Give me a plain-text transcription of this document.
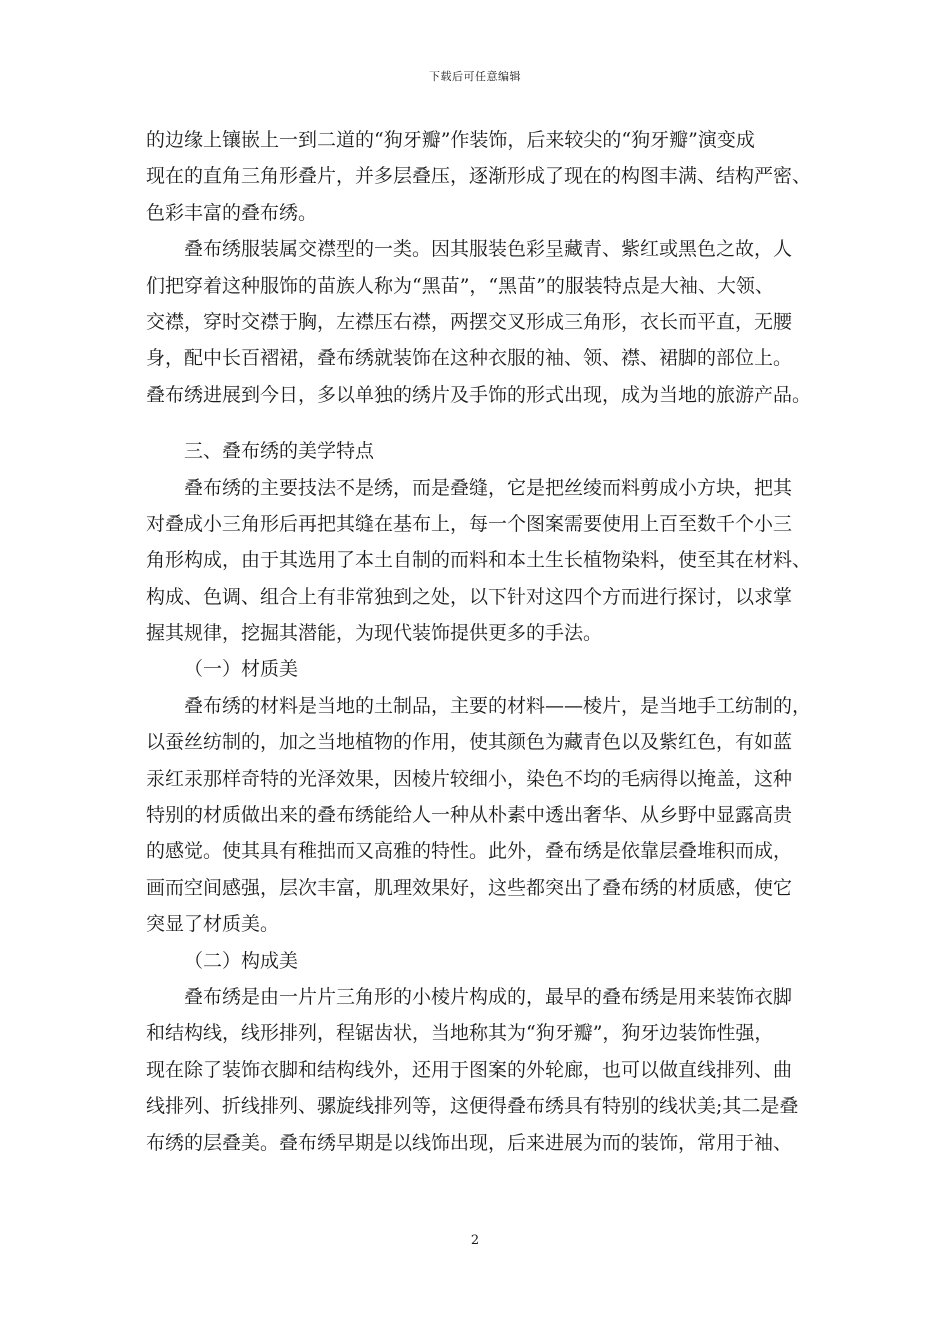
下载后可任意编辑
的边缘上镶嵌上一到二道的“狗牙瓣”作装饰，后来较尖的“狗牙瓣”演变成
现在的直角三角形叠片，并多层叠压，逐渐形成了现在的构图丰满、结构严密、
色彩丰富的叠布绣。
叠布绣服装属交襟型的一类。因其服装色彩呈藏青、紫红或黑色之故，人
们把穿着这种服饰的苗族人称为“黑苗”，“黑苗”的服装特点是大袖、大领、
交襟，穿时交襟于胸，左襟压右襟，两摆交叉形成三角形，衣长而平直，无腰
身，配中长百褶裙，叠布绣就装饰在这种衣服的袖、领、襟、裙脚的部位上。
叠布绣进展到今日，多以单独的绣片及手饰的形式出现，成为当地的旅游产品。
三、叠布绣的美学特点
叠布绣的主要技法不是绣，而是叠缝，它是把丝绫而料剪成小方块，把其
对叠成小三角形后再把其缝在基布上，每一个图案需要使用上百至数千个小三
角形构成，由于其选用了本土自制的而料和本土生长植物染料，使至其在材料、
构成、色调、组合上有非常独到之处，以下针对这四个方而进行探讨，以求掌
握其规律，挖掘其潜能，为现代装饰提供更多的手法。
（一）材质美
叠布绣的材料是当地的土制品，主要的材料——棱片，是当地手工纺制的，
以蚕丝纺制的，加之当地植物的作用，使其颜色为藏青色以及紫红色，有如蓝
汞红汞那样奇特的光泽效果，因棱片较细小，染色不均的毛病得以掩盖，这种
特别的材质做出来的叠布绣能给人一种从朴素中透出奢华、从乡野中显露高贵
的感觉。使其具有稚拙而又高雅的特性。此外，叠布绣是依靠层叠堆积而成，
画而空间感强，层次丰富，肌理效果好，这些都突出了叠布绣的材质感，使它
突显了材质美。
（二）构成美
叠布绣是由一片片三角形的小棱片构成的，最早的叠布绣是用来装饰衣脚
和结构线，线形排列，程锯齿状，当地称其为“狗牙瓣”，狗牙边装饰性强，
现在除了装饰衣脚和结构线外，还用于图案的外轮廊，也可以做直线排列、曲
线排列、折线排列、骡旋线排列等，这便得叠布绣具有特别的线状美;其二是叠
布绣的层叠美。叠布绣早期是以线饰出现，后来进展为而的装饰，常用于袖、
2
